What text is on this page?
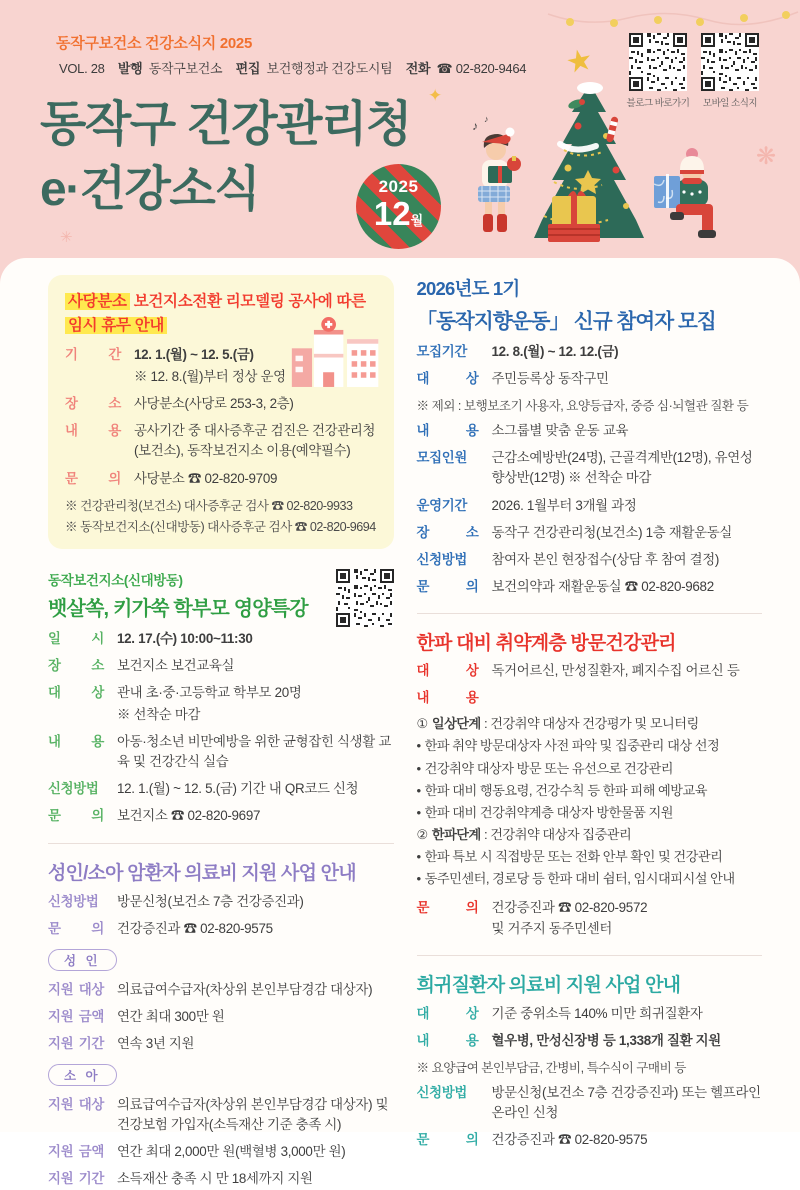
동작구보건소 건강소식지 2025
VOL. 28 발행 동작구보건소 편집 보건행정과 건강도시팀 전화 ☎ 02-820-9464
동작구 건강관리청
e·건강소식	2025
12월
블로그 바로가기	모바일 소식지
✦
★
❋
✳
♪ ♪
사당분소 보건지소전환 리모델링 공사에 따른
임시 휴무 안내
기 간 12. 1.(월) ~ 12. 5.(금)
※ 12. 8.(월)부터 정상 운영
장 소 사당분소(사당로 253-3, 2층)
내 용 공사기간 중 대사증후군 검진은 건강관리청 (보건소), 동작보건지소 이용(예약필수)
문 의 사당분소 ☎ 02-820-9709
※ 건강관리청(보건소) 대사증후군 검사 ☎ 02-820-9933
※ 동작보건지소(신대방동) 대사증후군 검사 ☎ 02-820-9694
동작보건지소(신대방동)
뱃살쏙, 키가쑥 학부모 영양특강
일 시 12. 17.(수) 10:00~11:30
장 소 보건지소 보건교육실
대 상 관내 초·중·고등학교 학부모 20명
※ 선착순 마감
내 용 아동·청소년 비만예방을 위한 균형잡힌 식생활 교육 및 건강간식 실습
신청방법	12. 1.(월) ~ 12. 5.(금) 기간 내 QR코드 신청
문 의 보건지소 ☎ 02-820-9697
성인/소아 암환자 의료비 지원 사업 안내
신청방법	방문신청(보건소 7층 건강증진과)
문 의 건강증진과 ☎ 02-820-9575
성 인
지원 대상 의료급여수급자(차상위 본인부담경감 대상자)
지원 금액 연간 최대 300만 원
지원 기간 연속 3년 지원
소 아
지원 대상 의료급여수급자(차상위 본인부담경감 대상자) 및 건강보험 가입자(소득재산 기준 충족 시)
지원 금액 연간 최대 2,000만 원(백혈병 3,000만 원)
지원 기간 소득재산 충족 시 만 18세까지 지원
2026년도 1기
「동작지향운동」 신규 참여자 모집
모집기간	12. 8.(월) ~ 12. 12.(금)
대 상 주민등록상 동작구민
※ 제외 : 보행보조기 사용자, 요양등급자, 중증 심·뇌혈관 질환 등
내 용 소그룹별 맞춤 운동 교육
모집인원	근감소예방반(24명), 근골격계반(12명), 유연성 향상반(12명) ※ 선착순 마감
운영기간	2026. 1월부터 3개월 과정
장 소 동작구 건강관리청(보건소) 1층 재활운동실
신청방법	참여자 본인 현장접수(상담 후 참여 결정)
문 의 보건의약과 재활운동실 ☎ 02-820-9682
한파 대비 취약계층 방문건강관리
대 상 독거어르신, 만성질환자, 폐지수집 어르신 등
내 용
① 일상단계 : 건강취약 대상자 건강평가 및 모니터링
• 한파 취약 방문대상자 사전 파악 및 집중관리 대상 선정
• 건강취약 대상자 방문 또는 유선으로 건강관리
• 한파 대비 행동요령, 건강수칙 등 한파 피해 예방교육
• 한파 대비 건강취약계층 대상자 방한물품 지원
② 한파단계 : 건강취약 대상자 집중관리
• 한파 특보 시 직접방문 또는 전화 안부 확인 및 건강관리
• 동주민센터, 경로당 등 한파 대비 쉼터, 임시대피시설 안내
문 의 건강증진과 ☎ 02-820-9572
및 거주지 동주민센터
희귀질환자 의료비 지원 사업 안내
대 상 기준 중위소득 140% 미만 희귀질환자
내 용 혈우병, 만성신장병 등 1,338개 질환 지원
※ 요양급여 본인부담금, 간병비, 특수식이 구매비 등
신청방법	방문신청(보건소 7층 건강증진과) 또는 헬프라인 온라인 신청
문 의 건강증진과 ☎ 02-820-9575
